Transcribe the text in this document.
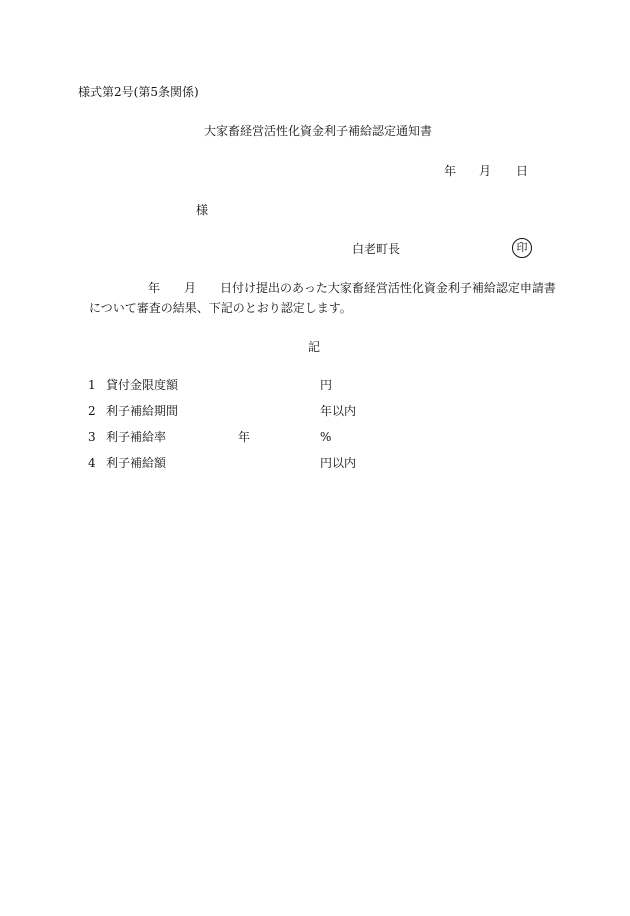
様式第2号(第5条関係)
大家畜経営活性化資金利子補給認定通知書
年 月 日
様
白老町長	印
年 月 日付け提出のあった大家畜経営活性化資金利子補給認定申請書
について審査の結果、下記のとおり認定します。
記
1 貸付金限度額	円
2 利子補給期間	年以内
3 利子補給率	年	%
4 利子補給額	円以内
